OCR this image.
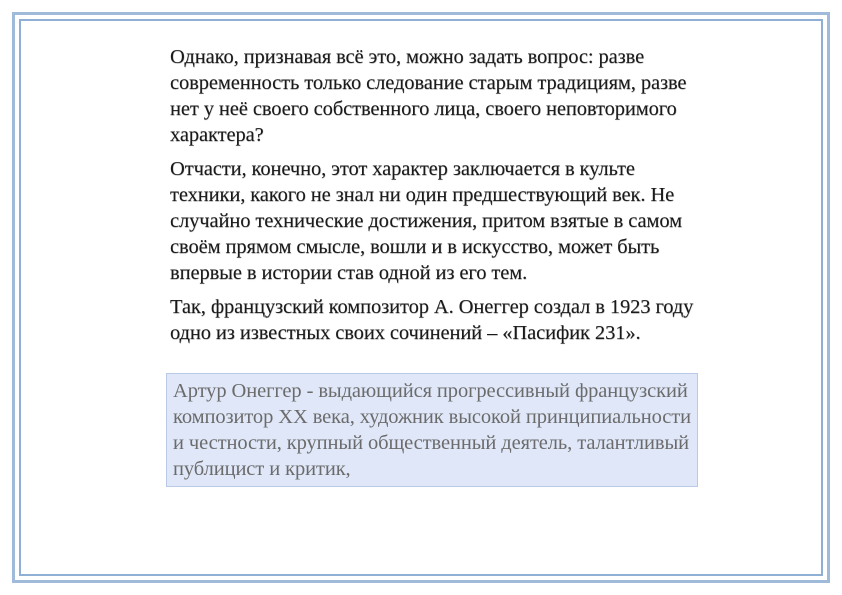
Однако, признавая всё это, можно задать вопрос: разве современность только следование старым традициям, разве нет у неё своего собственного лица, своего неповторимого характера?

Отчасти, конечно, этот характер заключается в культе техники, какого не знал ни один предшествующий век. Не случайно технические достижения, притом взятые в самом своём прямом смысле, вошли и в искусство, может быть впервые в истории став одной из его тем.

Так, французский композитор А. Онеггер создал в 1923 году одно из известных своих сочинений – «Пасифик 231».

Артур Онеггер - выдающийся прогрессивный французский композитор XX века, художник высокой принципиальности и честности, крупный общественный деятель, талантливый публицист и критик,
